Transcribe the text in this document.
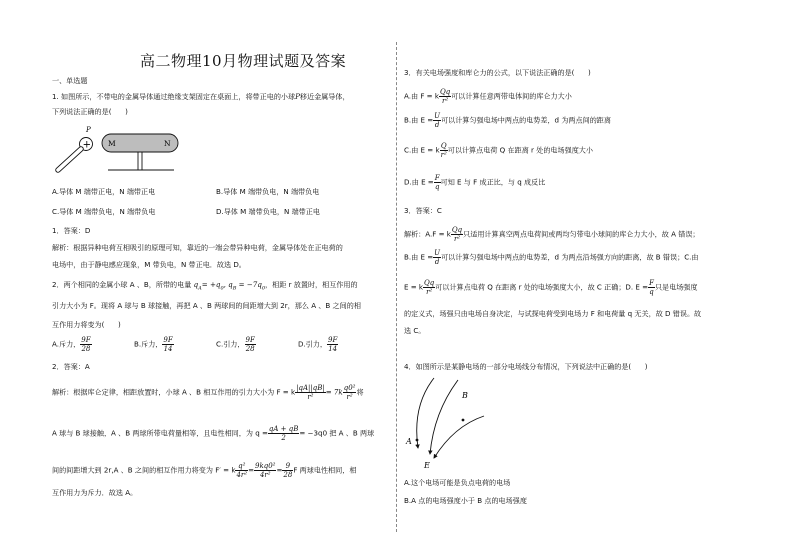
高二物理10月物理试题及答案
一、单选题
1. 如图所示，不带电的金属导体通过绝缘支架固定在桌面上，将带正电的小球P移近金属导体，
下列说法正确的是( )
P
+ M	N
A.导体 M 端带正电，N 端带正电	B.导体 M 端带负电，N 端带负电
C.导体 M 端带负电，N 端带负电	D.导体 M 端带负电，N 端带正电
1．答案：D
解析：根据异种电荷互相吸引的原理可知，靠近的一端会带异种电荷，金属导体处在正电荷的
电场中，由于静电感应现象，M 带负电，N 带正电．故选 D。
2．两个相同的金属小球 A 、B，所带的电量 $q_A= +q_0$, $q_B = -7q_0$，相距 r 放置时，相互作用的
引力大小为 F。现将 A 球与 B 球接触，再把 A 、B 两球间的间距增大到 2r，那么 A 、B 之间的相
互作用力将变为( )
A.斥力， $\frac{9F}{28}$	B.斥力， $\frac{9F}{14}$	C.引力， $\frac{9F}{28}$	D.引力， $\frac{9F}{14}$
2．答案：A
解析：根据库仑定律，相距放置时，小球 A 、B 相互作用的引力大小为 F = k $\frac{|qA||qB|}{\text{r²}} = 7k \frac{\text{q0²}}{\text{r²}}$ 将
A 球与 B 球接触，A 、B 两球所带电荷量相等，且电性相同，为 $q = \frac{qA + qB}{2} = -3q0$ 把 A 、B 两球
间的间距增大到 2r,A 、B 之间的相互作用力将变为 F′ = k $\frac{\text{q²}}{\text{4r²}} = \frac{\text{9kq0²}}{\text{4r²}} = \frac{9}{28}$ F 两球电性相同，相
互作用力为斥力．故选 A。
3．有关电场强度和库仑力的公式，以下说法正确的是( )
A.由 F = k $\frac{Qq}{\text{r²}}$ 可以计算任意两带电体间的库仑力大小
B.由 $E = \frac{U}{d}$ 可以计算匀强电场中两点的电势差，d 为两点间的距离
C.由 E = k $\frac{Q}{\text{r²}}$ 可以计算点电荷 Q 在距离 r 处的电场强度大小
D.由 $E = \frac{F}{q}$ 可知 E 与 F 成正比，与 q 成反比
3．答案：C
解析：A.F = k $\frac{Qq}{\text{r²}}$ 只适用计算真空两点电荷间或两均匀带电小球间的库仑力大小，故 A 错误；
B.由 $E = \frac{U}{d}$ 可以计算匀强电场中两点的电势差，d 为两点沿场强方向的距离，故 B 错误；C.由
E = k $\frac{Qq}{\text{r²}}$ 可以计算点电荷 Q 在距离 r 处的电场强度大小，故 C 正确；D. $E = \frac{F}{q}$ 只是电场强度
的定义式，场强只由电场自身决定，与试探电荷受到电场力 F 和电荷量 q 无关，故 D 错误。故
选 C。
4．如图所示是某静电场的一部分电场线分布情况，下列说法中正确的是( )
A
B
E
A.这个电场可能是负点电荷的电场
B.A 点的电场强度小于 B 点的电场强度
